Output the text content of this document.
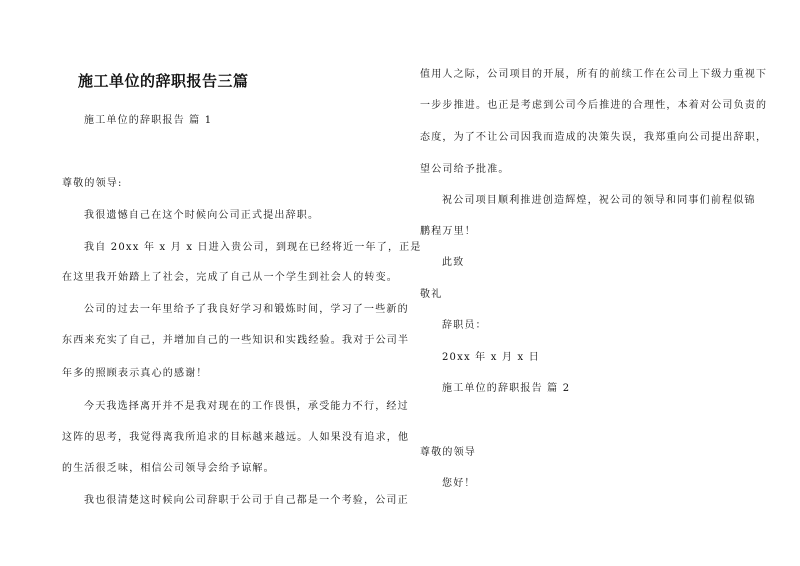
施工单位的辞职报告三篇
施工单位的辞职报告 篇 1
尊敬的领导:
我很遗憾自己在这个时候向公司正式提出辞职。
我自 20xx 年 x 月 x 日进入贵公司，到现在已经将近一年了，正是
在这里我开始踏上了社会，完成了自己从一个学生到社会人的转变。
公司的过去一年里给予了我良好学习和锻炼时间，学习了一些新的
东西来充实了自己，并增加自己的一些知识和实践经验。我对于公司半
年多的照顾表示真心的感谢！
今天我选择离开并不是我对现在的工作畏惧，承受能力不行，经过
这阵的思考，我觉得离我所追求的目标越来越远。人如果没有追求，他
的生活很乏味，相信公司领导会给予谅解。
我也很清楚这时候向公司辞职于公司于自己都是一个考验，公司正
值用人之际，公司项目的开展，所有的前续工作在公司上下级力重视下
一步步推进。也正是考虑到公司今后推进的合理性，本着对公司负责的
态度，为了不让公司因我而造成的决策失误，我郑重向公司提出辞职，
望公司给予批准。
祝公司项目顺利推进创造辉煌，祝公司的领导和同事们前程似锦
鹏程万里！
此致
敬礼
辞职员：
20xx 年 x 月 x 日
施工单位的辞职报告 篇 2
尊敬的领导
您好！
